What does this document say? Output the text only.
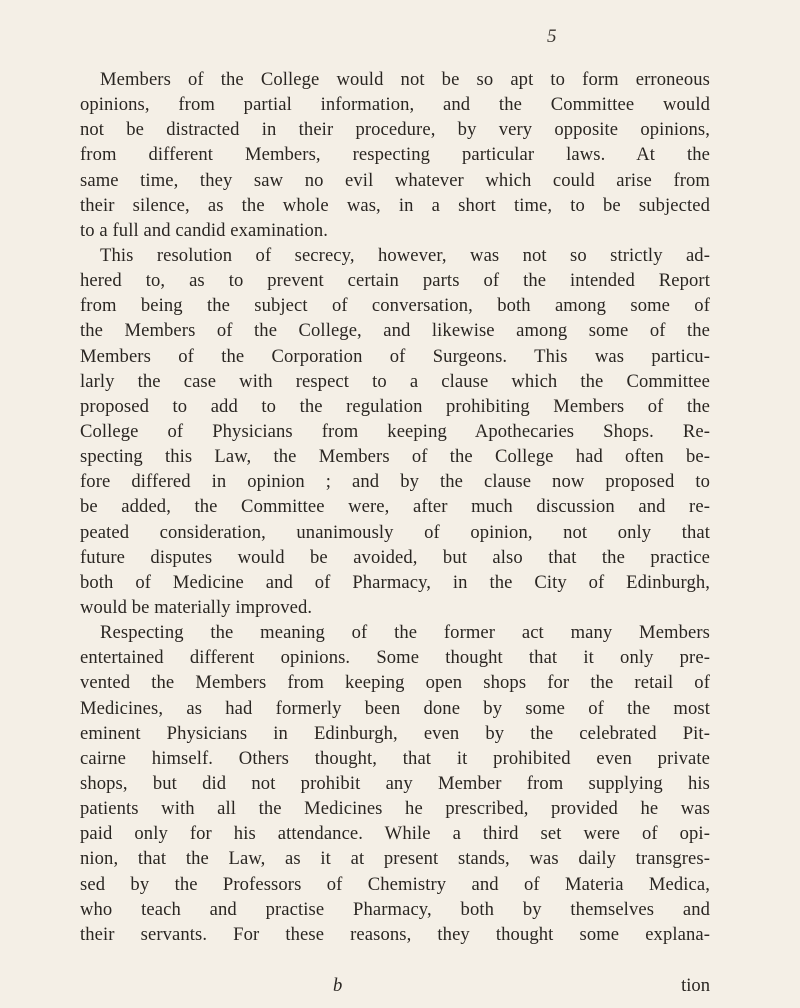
5
Members of the College would not be so apt to form erroneous
opinions, from partial information, and the Committee would
not be distracted in their procedure, by very opposite opinions,
from different Members, respecting particular laws. At the
same time, they saw no evil whatever which could arise from
their silence, as the whole was, in a short time, to be subjected
to a full and candid examination.
This resolution of secrecy, however, was not so strictly ad-
hered to, as to prevent certain parts of the intended Report
from being the subject of conversation, both among some of
the Members of the College, and likewise among some of the
Members of the Corporation of Surgeons. This was particu-
larly the case with respect to a clause which the Committee
proposed to add to the regulation prohibiting Members of the
College of Physicians from keeping Apothecaries Shops. Re-
specting this Law, the Members of the College had often be-
fore differed in opinion ; and by the clause now proposed to
be added, the Committee were, after much discussion and re-
peated consideration, unanimously of opinion, not only that
future disputes would be avoided, but also that the practice
both of Medicine and of Pharmacy, in the City of Edinburgh,
would be materially improved.
Respecting the meaning of the former act many Members
entertained different opinions. Some thought that it only pre-
vented the Members from keeping open shops for the retail of
Medicines, as had formerly been done by some of the most
eminent Physicians in Edinburgh, even by the celebrated Pit-
cairne himself. Others thought, that it prohibited even private
shops, but did not prohibit any Member from supplying his
patients with all the Medicines he prescribed, provided he was
paid only for his attendance. While a third set were of opi-
nion, that the Law, as it at present stands, was daily transgres-
sed by the Professors of Chemistry and of Materia Medica,
who teach and practise Pharmacy, both by themselves and
their servants. For these reasons, they thought some explana-
b	tion
